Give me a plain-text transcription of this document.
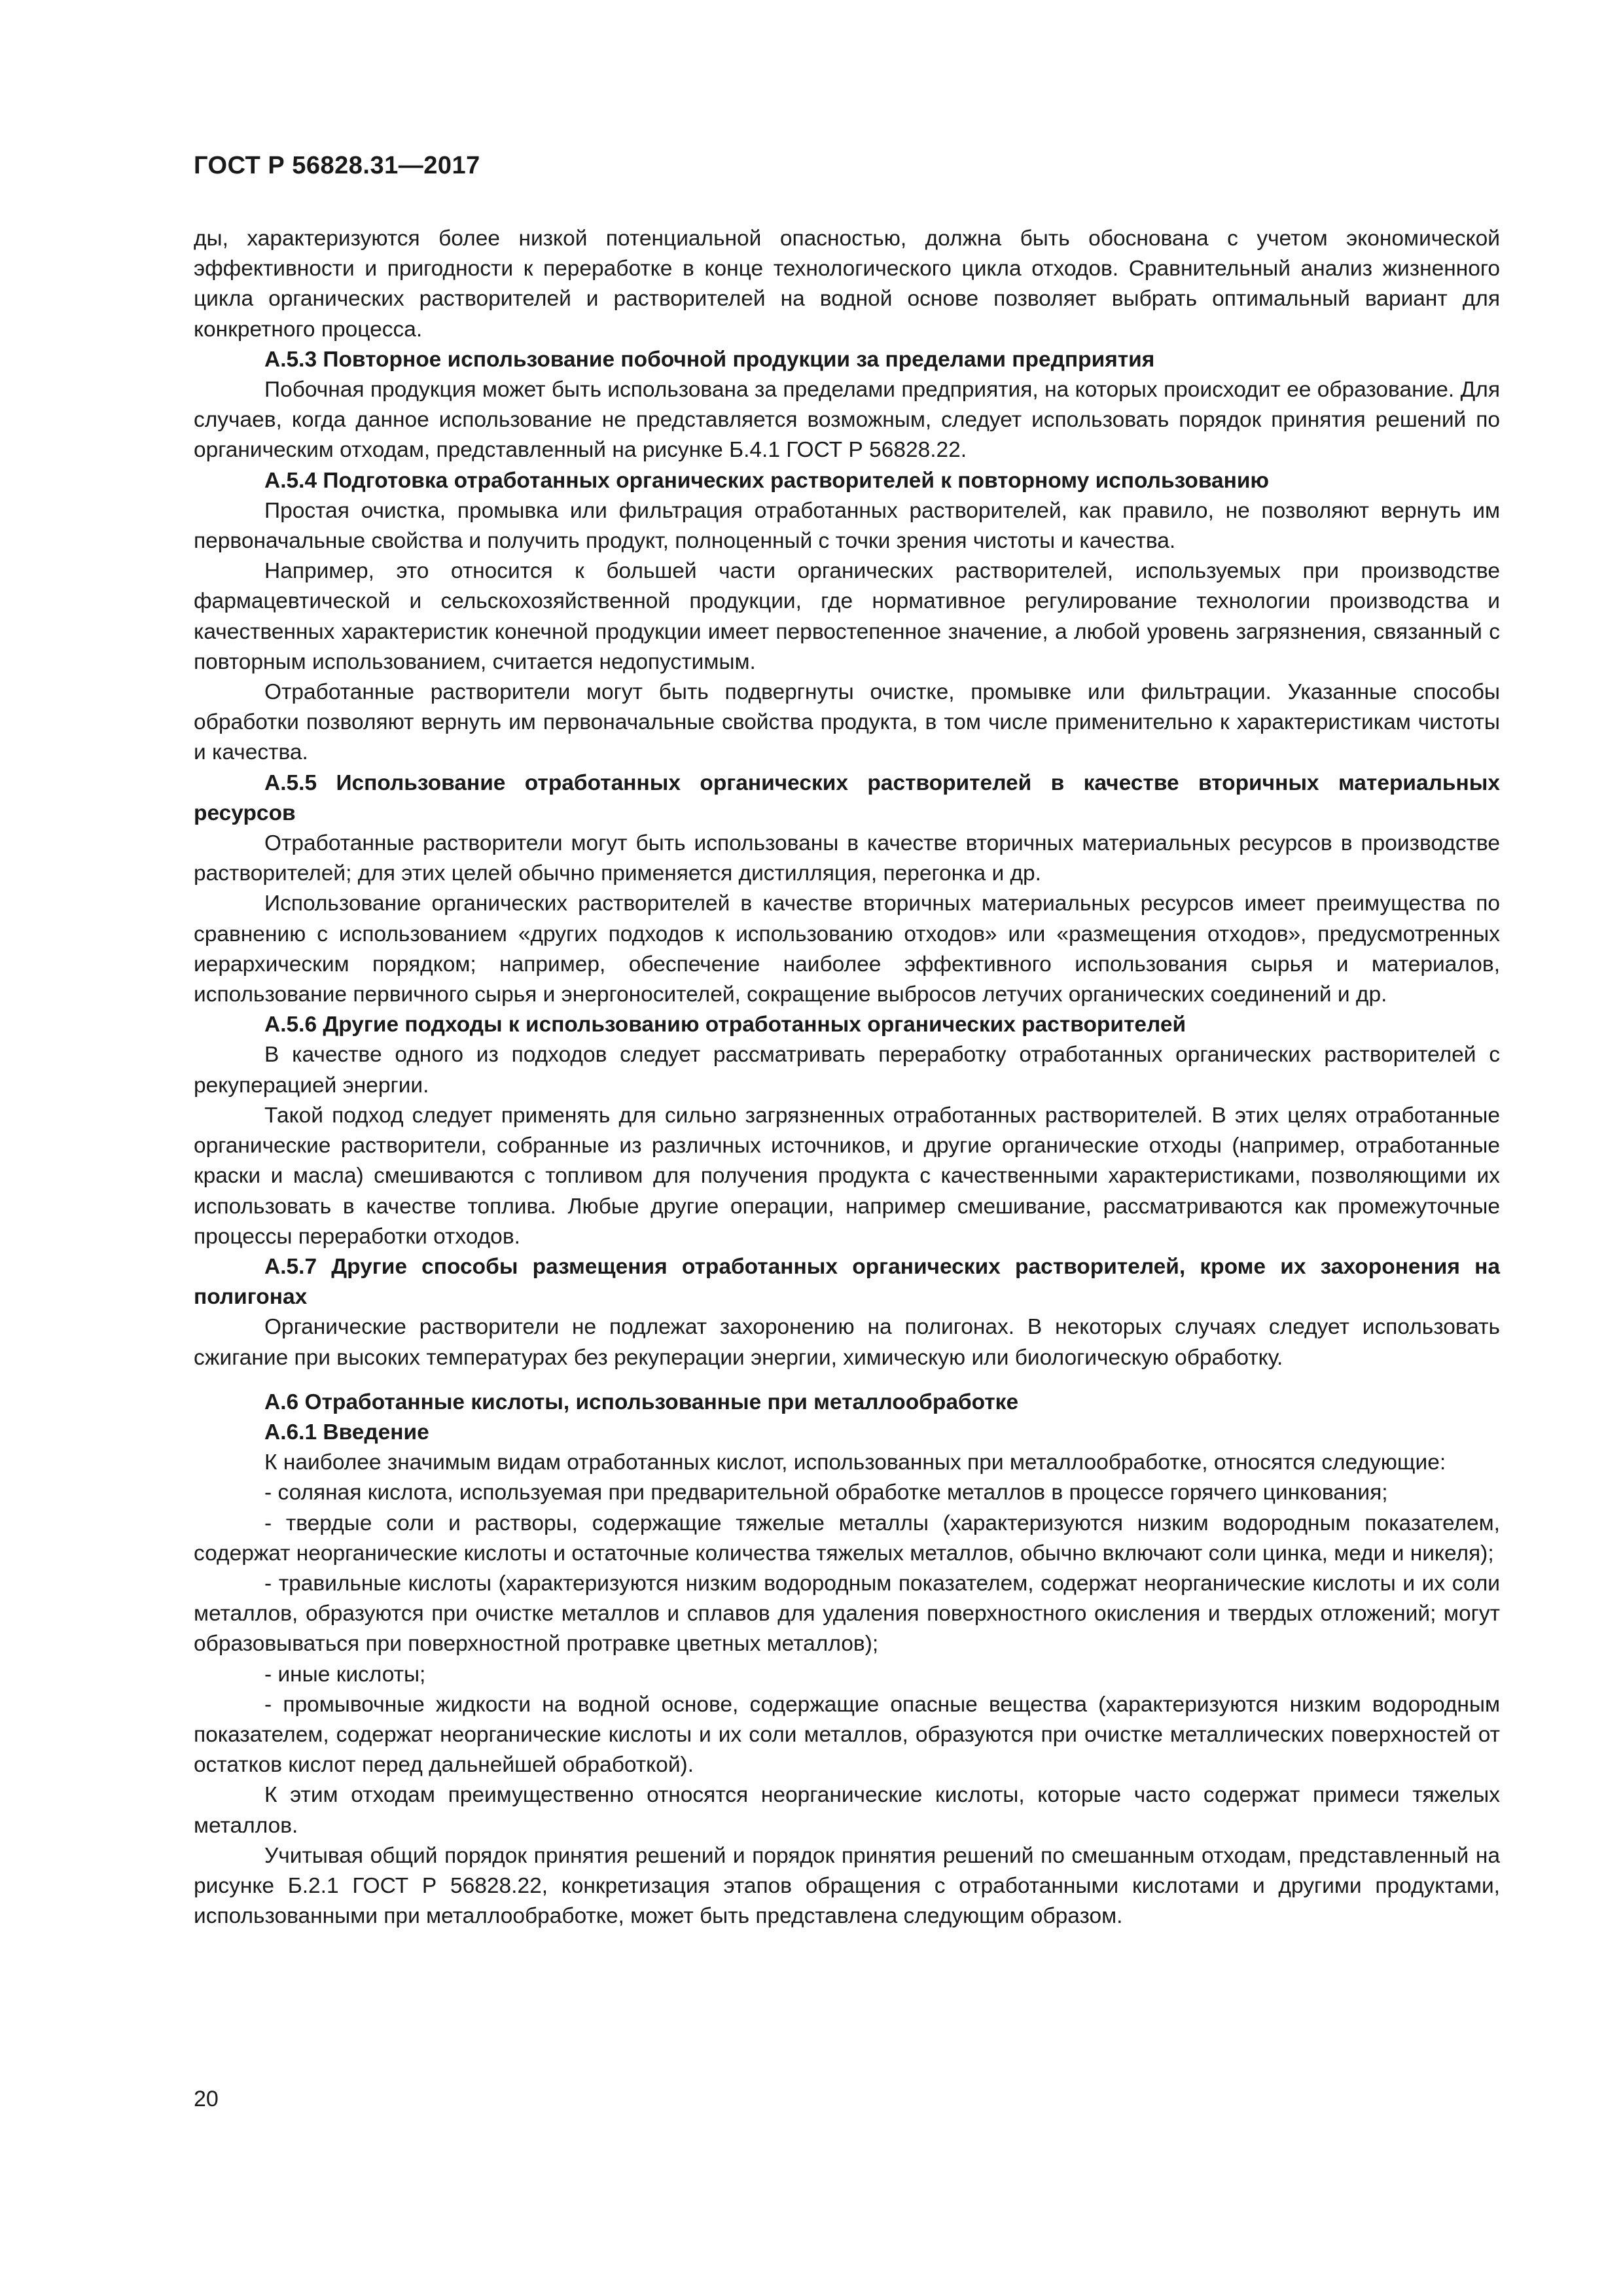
ГОСТ Р 56828.31—2017

ды, характеризуются более низкой потенциальной опасностью, должна быть обоснована с учетом экономической эффективности и пригодности к переработке в конце технологического цикла отходов. Сравнительный анализ жизненного цикла органических растворителей и растворителей на водной основе позволяет выбрать оптимальный вариант для конкретного процесса.

А.5.3 Повторное использование побочной продукции за пределами предприятия

Побочная продукция может быть использована за пределами предприятия, на которых происходит ее образование. Для случаев, когда данное использование не представляется возможным, следует использовать порядок принятия решений по органическим отходам, представленный на рисунке Б.4.1 ГОСТ Р 56828.22.

А.5.4 Подготовка отработанных органических растворителей к повторному использованию

Простая очистка, промывка или фильтрация отработанных растворителей, как правило, не позволяют вернуть им первоначальные свойства и получить продукт, полноценный с точки зрения чистоты и качества.

Например, это относится к большей части органических растворителей, используемых при производстве фармацевтической и сельскохозяйственной продукции, где нормативное регулирование технологии производства и качественных характеристик конечной продукции имеет первостепенное значение, а любой уровень загрязнения, связанный с повторным использованием, считается недопустимым.

Отработанные растворители могут быть подвергнуты очистке, промывке или фильтрации. Указанные способы обработки позволяют вернуть им первоначальные свойства продукта, в том числе применительно к характеристикам чистоты и качества.

А.5.5 Использование отработанных органических растворителей в качестве вторичных материальных ресурсов

Отработанные растворители могут быть использованы в качестве вторичных материальных ресурсов в производстве растворителей; для этих целей обычно применяется дистилляция, перегонка и др.

Использование органических растворителей в качестве вторичных материальных ресурсов имеет преимущества по сравнению с использованием «других подходов к использованию отходов» или «размещения отходов», предусмотренных иерархическим порядком; например, обеспечение наиболее эффективного использования сырья и материалов, использование первичного сырья и энергоносителей, сокращение выбросов летучих органических соединений и др.

А.5.6 Другие подходы к использованию отработанных органических растворителей

В качестве одного из подходов следует рассматривать переработку отработанных органических растворителей с рекуперацией энергии.

Такой подход следует применять для сильно загрязненных отработанных растворителей. В этих целях отработанные органические растворители, собранные из различных источников, и другие органические отходы (например, отработанные краски и масла) смешиваются с топливом для получения продукта с качественными характеристиками, позволяющими их использовать в качестве топлива. Любые другие операции, например смешивание, рассматриваются как промежуточные процессы переработки отходов.

А.5.7 Другие способы размещения отработанных органических растворителей, кроме их захоронения на полигонах

Органические растворители не подлежат захоронению на полигонах. В некоторых случаях следует использовать сжигание при высоких температурах без рекуперации энергии, химическую или биологическую обработку.

А.6 Отработанные кислоты, использованные при металлообработке

А.6.1 Введение

К наиболее значимым видам отработанных кислот, использованных при металлообработке, относятся следующие:

- соляная кислота, используемая при предварительной обработке металлов в процессе горячего цинкования;

- твердые соли и растворы, содержащие тяжелые металлы (характеризуются низким водородным показателем, содержат неорганические кислоты и остаточные количества тяжелых металлов, обычно включают соли цинка, меди и никеля);

- травильные кислоты (характеризуются низким водородным показателем, содержат неорганические кислоты и их соли металлов, образуются при очистке металлов и сплавов для удаления поверхностного окисления и твердых отложений; могут образовываться при поверхностной протравке цветных металлов);

- иные кислоты;

- промывочные жидкости на водной основе, содержащие опасные вещества (характеризуются низким водородным показателем, содержат неорганические кислоты и их соли металлов, образуются при очистке металлических поверхностей от остатков кислот перед дальнейшей обработкой).

К этим отходам преимущественно относятся неорганические кислоты, которые часто содержат примеси тяжелых металлов.

Учитывая общий порядок принятия решений и порядок принятия решений по смешанным отходам, представленный на рисунке Б.2.1 ГОСТ Р 56828.22, конкретизация этапов обращения с отработанными кислотами и другими продуктами, использованными при металлообработке, может быть представлена следующим образом.

20
